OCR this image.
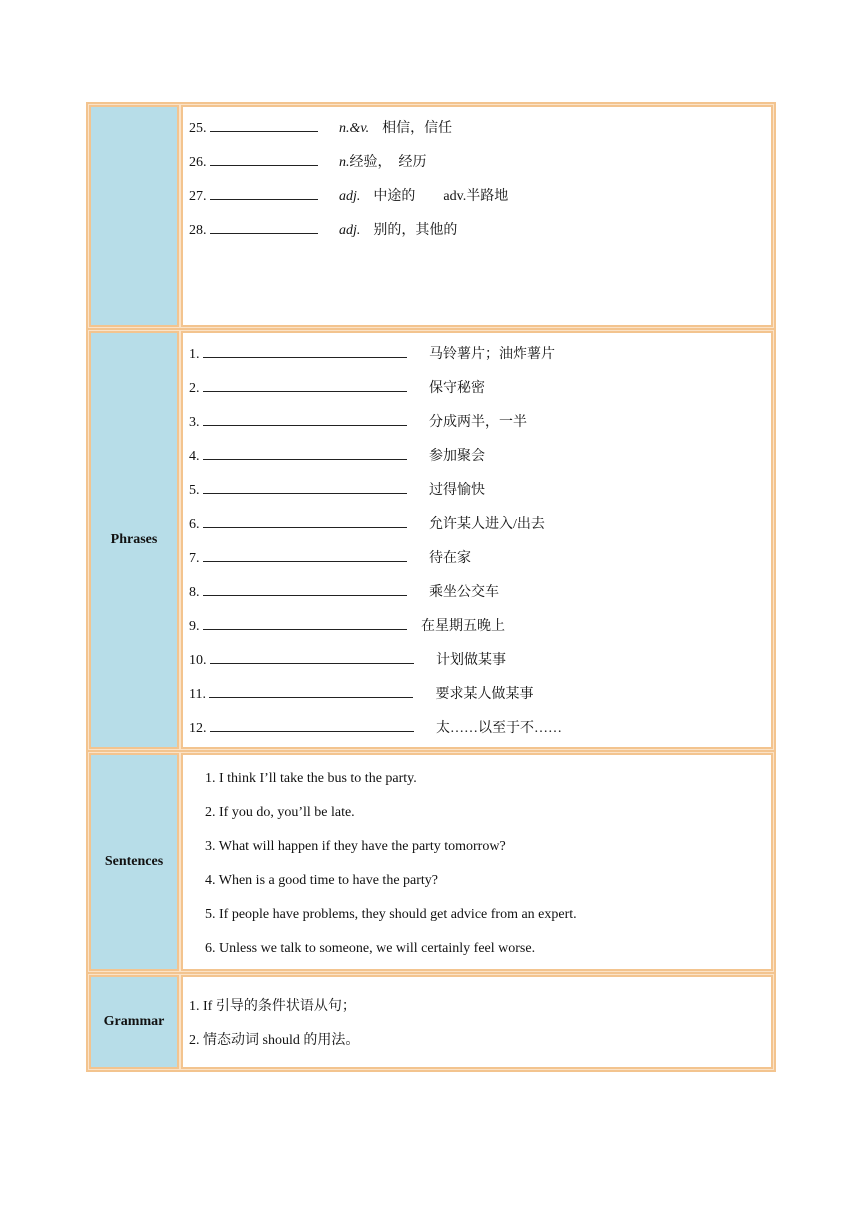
25.	n.&v. 相信，信任
26.	n.经验，　经历
27.	adj. 中途的　　adv.半路地
28.	adj. 别的，其他的
Phrases
1.	马铃薯片；油炸薯片
2.	保守秘密
3.	分成两半，一半
4.	参加聚会
5.	过得愉快
6.	允许某人进入/出去
7.	待在家
8.	乘坐公交车
9.	在星期五晚上
10.	计划做某事
11.	要求某人做某事
12.	太……以至于不……
Sentences
1. I think I’ll take the bus to the party.
2. If you do, you’ll be late.
3. What will happen if they have the party tomorrow?
4. When is a good time to have the party?
5. If people have problems, they should get advice from an expert.
6. Unless we talk to someone, we will certainly feel worse.
Grammar
1. If 引导的条件状语从句；
2. 情态动词 should 的用法。
